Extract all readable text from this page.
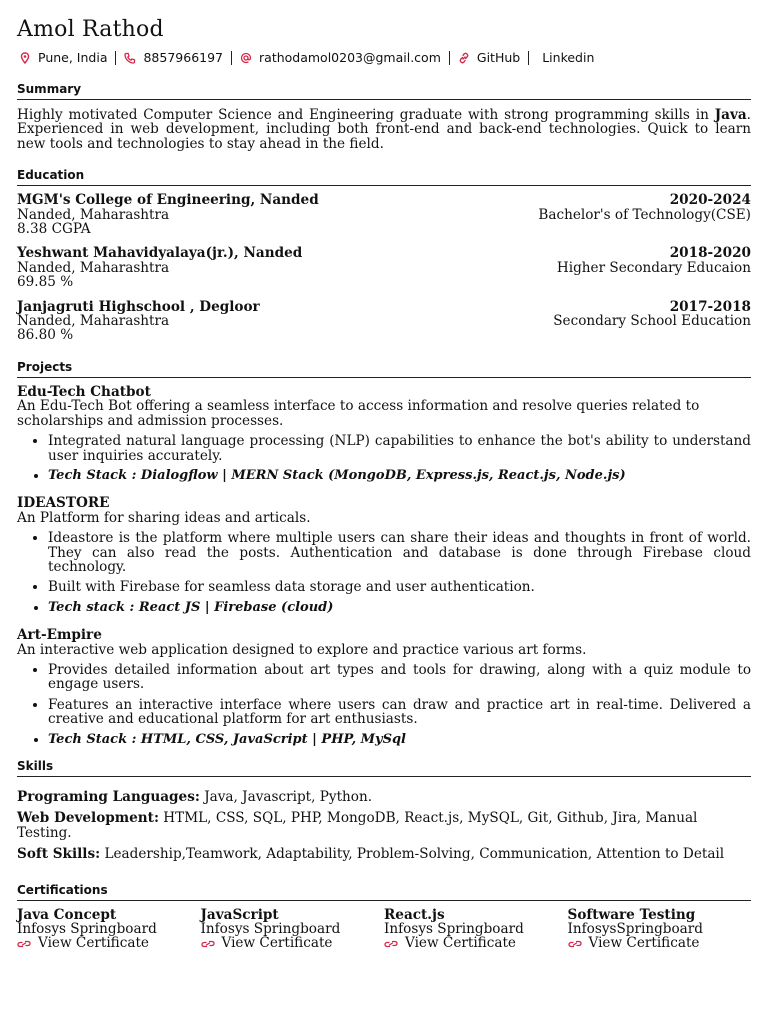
Amol Rathod
Pune, India	8857966197	rathodamol0203@gmail.com	GitHub	Linkedin
Summary
Highly motivated Computer Science and Engineering graduate with strong programming skills in Java. Experienced in web development, including both front-end and back-end technologies. Quick to learn new tools and technologies to stay ahead in the field.
Education
MGM's College of Engineering, Nanded	2020-2024
Nanded, Maharashtra	Bachelor's of Technology(CSE)
8.38 CGPA
Yeshwant Mahavidyalaya(jr.), Nanded	2018-2020
Nanded, Maharashtra	Higher Secondary Educaion
69.85 %
Janjagruti Highschool , Degloor	2017-2018
Nanded, Maharashtra	Secondary School Education
86.80 %
Projects
Edu-Tech Chatbot
An Edu-Tech Bot offering a seamless interface to access information and resolve queries related to scholarships and admission processes.
• Integrated natural language processing (NLP) capabilities to enhance the bot's ability to understand user inquiries accurately.
• Tech Stack : Dialogflow | MERN Stack (MongoDB, Express.js, React.js, Node.js)
IDEASTORE
An Platform for sharing ideas and articals.
• Ideastore is the platform where multiple users can share their ideas and thoughts in front of world. They can also read the posts. Authentication and database is done through Firebase cloud technology.
• Built with Firebase for seamless data storage and user authentication.
• Tech stack : React JS | Firebase (cloud)
Art-Empire
An interactive web application designed to explore and practice various art forms.
• Provides detailed information about art types and tools for drawing, along with a quiz module to engage users.
• Features an interactive interface where users can draw and practice art in real-time. Delivered a creative and educational platform for art enthusiasts.
• Tech Stack : HTML, CSS, JavaScript | PHP, MySql
Skills
Programing Languages: Java, Javascript, Python.
Web Development: HTML, CSS, SQL, PHP, MongoDB, React.js, MySQL, Git, Github, Jira, Manual Testing.
Soft Skills: Leadership,Teamwork, Adaptability, Problem-Solving, Communication, Attention to Detail
Certifications
Java Concept
Infosys Springboard
View Certificate
JavaScript
Infosys Springboard
View Certificate
React.js
Infosys Springboard
View Certificate
Software Testing
InfosysSpringboard
View Certificate
